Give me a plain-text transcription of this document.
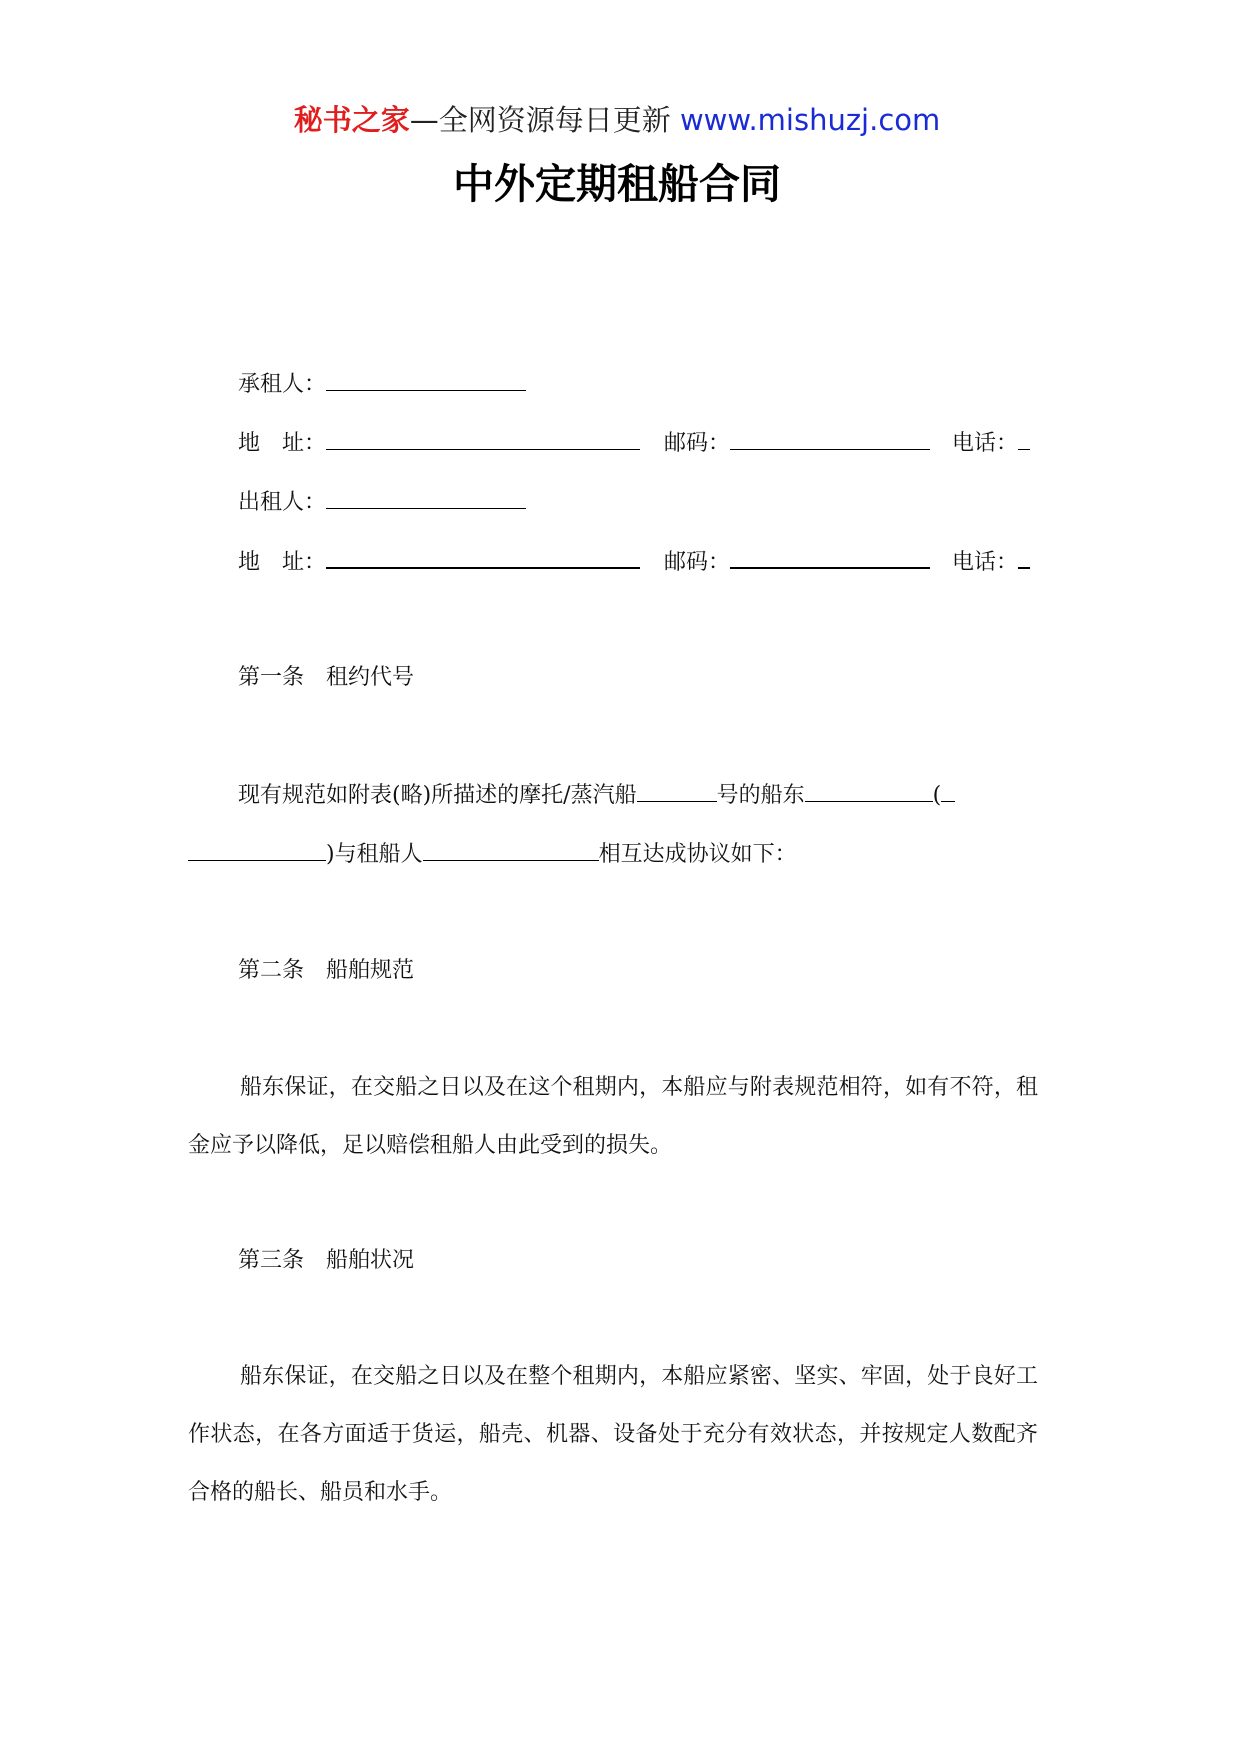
秘书之家—全网资源每日更新 www.mishuzj.com
中外定期租船合同
承租人：
地　址：	邮码：	电话：
出租人：
地　址：	邮码：	电话：
第一条　租约代号
现有规范如附表(略)所描述的摩托/蒸汽船	号的船东	(
)与租船人	相互达成协议如下：
第二条　船舶规范
船东保证，在交船之日以及在这个租期内，本船应与附表规范相符，如有不符，租金应予以降低，足以赔偿租船人由此受到的损失。
第三条　船舶状况
船东保证，在交船之日以及在整个租期内，本船应紧密、坚实、牢固，处于良好工作状态，在各方面适于货运，船壳、机器、设备处于充分有效状态，并按规定人数配齐合格的船长、船员和水手。
